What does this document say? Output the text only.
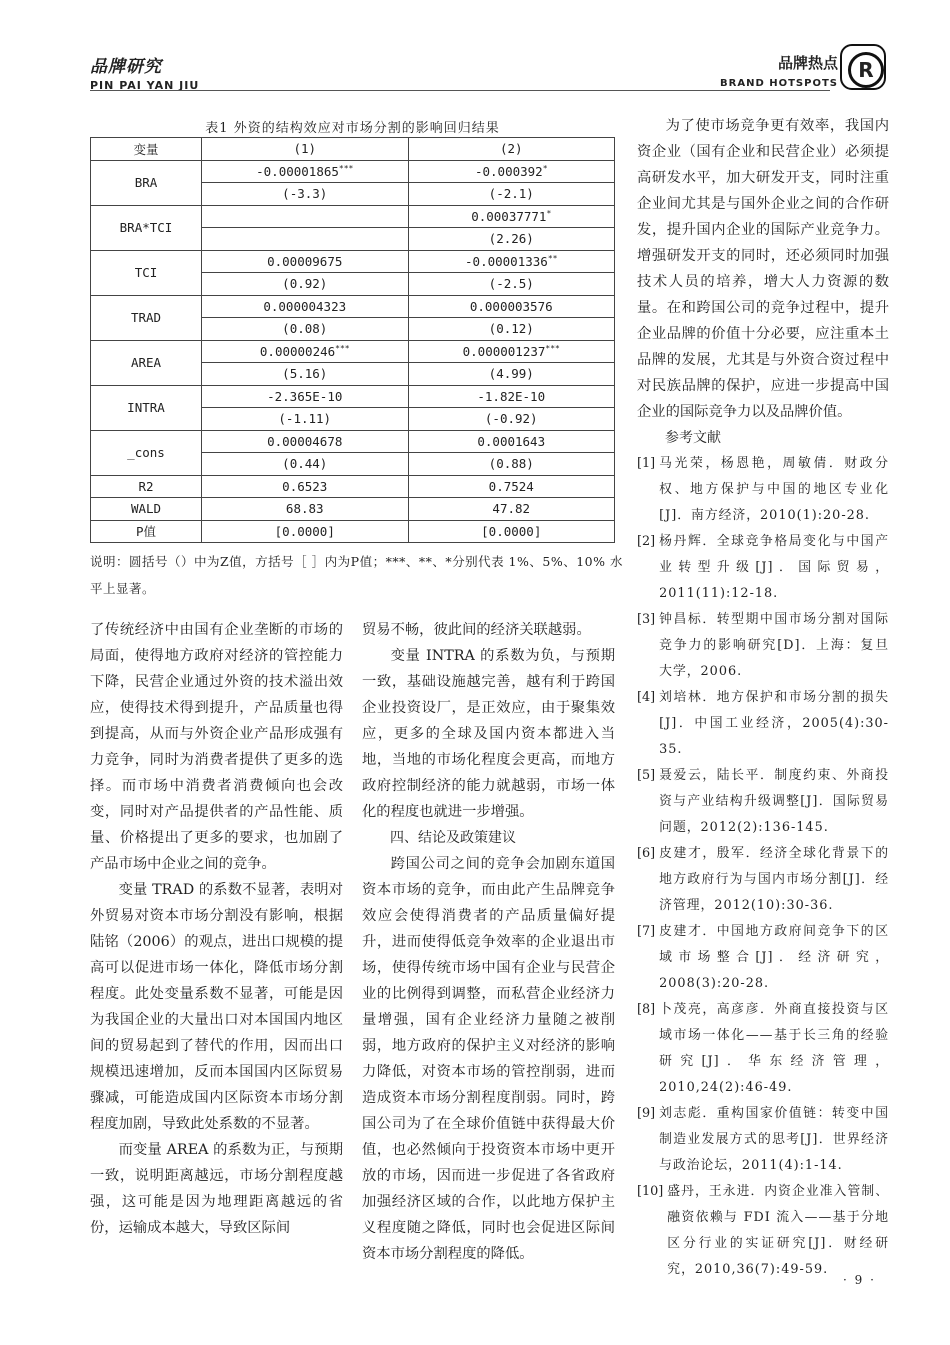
品牌研究
PIN PAI YAN JIU
品牌热点
BRAND HOTSPOTS
R
表1 外资的结构效应对市场分割的影响回归结果
变量	(1)	(2)
BRA	-0.00001865***	-0.000392*
	(-3.3)	(-2.1)
BRA*TCI		0.00037771*
		(2.26)
TCI	0.00009675	-0.00001336**
	(0.92)	(-2.5)
TRAD	0.000004323	0.000003576
	(0.08)	(0.12)
AREA	0.00000246***	0.000001237***
	(5.16)	(4.99)
INTRA	-2.365E-10	-1.82E-10
	(-1.11)	(-0.92)
_cons	0.00004678	0.0001643
	(0.44)	(0.88)
R2	0.6523	0.7524
WALD	68.83	47.82
P值	[0.0000]	[0.0000]
说明：圆括号（）中为Z值，方括号［ ］内为P值；***、**、*分别代表 1%、5%、10% 水平上显著。

了传统经济中由国有企业垄断的市场的局面，使得地方政府对经济的管控能力下降，民营企业通过外资的技术溢出效应，使得技术得到提升，产品质量也得到提高，从而与外资企业产品形成强有力竞争，同时为消费者提供了更多的选择。而市场中消费者消费倾向也会改变，同时对产品提供者的产品性能、质量、价格提出了更多的要求，也加剧了产品市场中企业之间的竞争。

变量 TRAD 的系数不显著，表明对外贸易对资本市场分割没有影响，根据陆铭（2006）的观点，进出口规模的提高可以促进市场一体化，降低市场分割程度。此处变量系数不显著，可能是因为我国企业的大量出口对本国国内地区间的贸易起到了替代的作用，因而出口规模迅速增加，反而本国国内区际贸易骤减，可能造成国内区际资本市场分割程度加剧，导致此处系数的不显著。

而变量 AREA 的系数为正，与预期一致，说明距离越远，市场分割程度越强，这可能是因为地理距离越远的省份，运输成本越大，导致区际间

贸易不畅，彼此间的经济关联越弱。

变量 INTRA 的系数为负，与预期一致，基础设施越完善，越有利于跨国企业投资设厂，是正效应，由于聚集效应，更多的全球及国内资本都进入当地，当地的市场化程度会更高，而地方政府控制经济的能力就越弱，市场一体化的程度也就进一步增强。

四、结论及政策建议

跨国公司之间的竞争会加剧东道国资本市场的竞争，而由此产生品牌竞争效应会使得消费者的产品质量偏好提升，进而使得低竞争效率的企业退出市场，使得传统市场中国有企业与民营企业的比例得到调整，而私营企业经济力量增强，国有企业经济力量随之被削弱，地方政府的保护主义对经济的影响力降低，对资本市场的管控削弱，进而造成资本市场分割程度削弱。同时，跨国公司为了在全球价值链中获得最大价值，也必然倾向于投资资本市场中更开放的市场，因而进一步促进了各省政府加强经济区域的合作，以此地方保护主义程度随之降低，同时也会促进区际间资本市场分割程度的降低。

为了使市场竞争更有效率，我国内资企业（国有企业和民营企业）必须提高研发水平，加大研发开支，同时注重企业间尤其是与国外企业之间的合作研发，提升国内企业的国际产业竞争力。增强研发开支的同时，还必须同时加强技术人员的培养，增大人力资源的数量。在和跨国公司的竞争过程中，提升企业品牌的价值十分必要，应注重本土品牌的发展，尤其是与外资合资过程中对民族品牌的保护，应进一步提高中国企业的国际竞争力以及品牌价值。

参考文献
[1] 马光荣，杨恩艳，周敏倩．财政分权、地方保护与中国的地区专业化[J]．南方经济，2010(1):20-28.
[2] 杨丹辉．全球竞争格局变化与中国产业转型升级[J]．国际贸易，2011(11):12-18.
[3] 钟昌标．转型期中国市场分割对国际竞争力的影响研究[D]．上海：复旦大学，2006.
[4] 刘培林．地方保护和市场分割的损失[J]．中国工业经济，2005(4):30-35.
[5] 聂爱云，陆长平．制度约束、外商投资与产业结构升级调整[J]．国际贸易问题，2012(2):136-145.
[6] 皮建才，殷军．经济全球化背景下的地方政府行为与国内市场分割[J]．经济管理，2012(10):30-36.
[7] 皮建才．中国地方政府间竞争下的区域市场整合[J]．经济研究，2008(3):20-28.
[8] 卜茂亮，高彦彦．外商直接投资与区域市场一体化——基于长三角的经验研究[J]．华东经济管理，2010,24(2):46-49.
[9] 刘志彪．重构国家价值链：转变中国制造业发展方式的思考[J]．世界经济与政治论坛，2011(4):1-14.
[10] 盛丹，王永进．内资企业准入管制、融资依赖与 FDI 流入——基于分地区分行业的实证研究[J]．财经研究，2010,36(7):49-59.
· 9 ·
